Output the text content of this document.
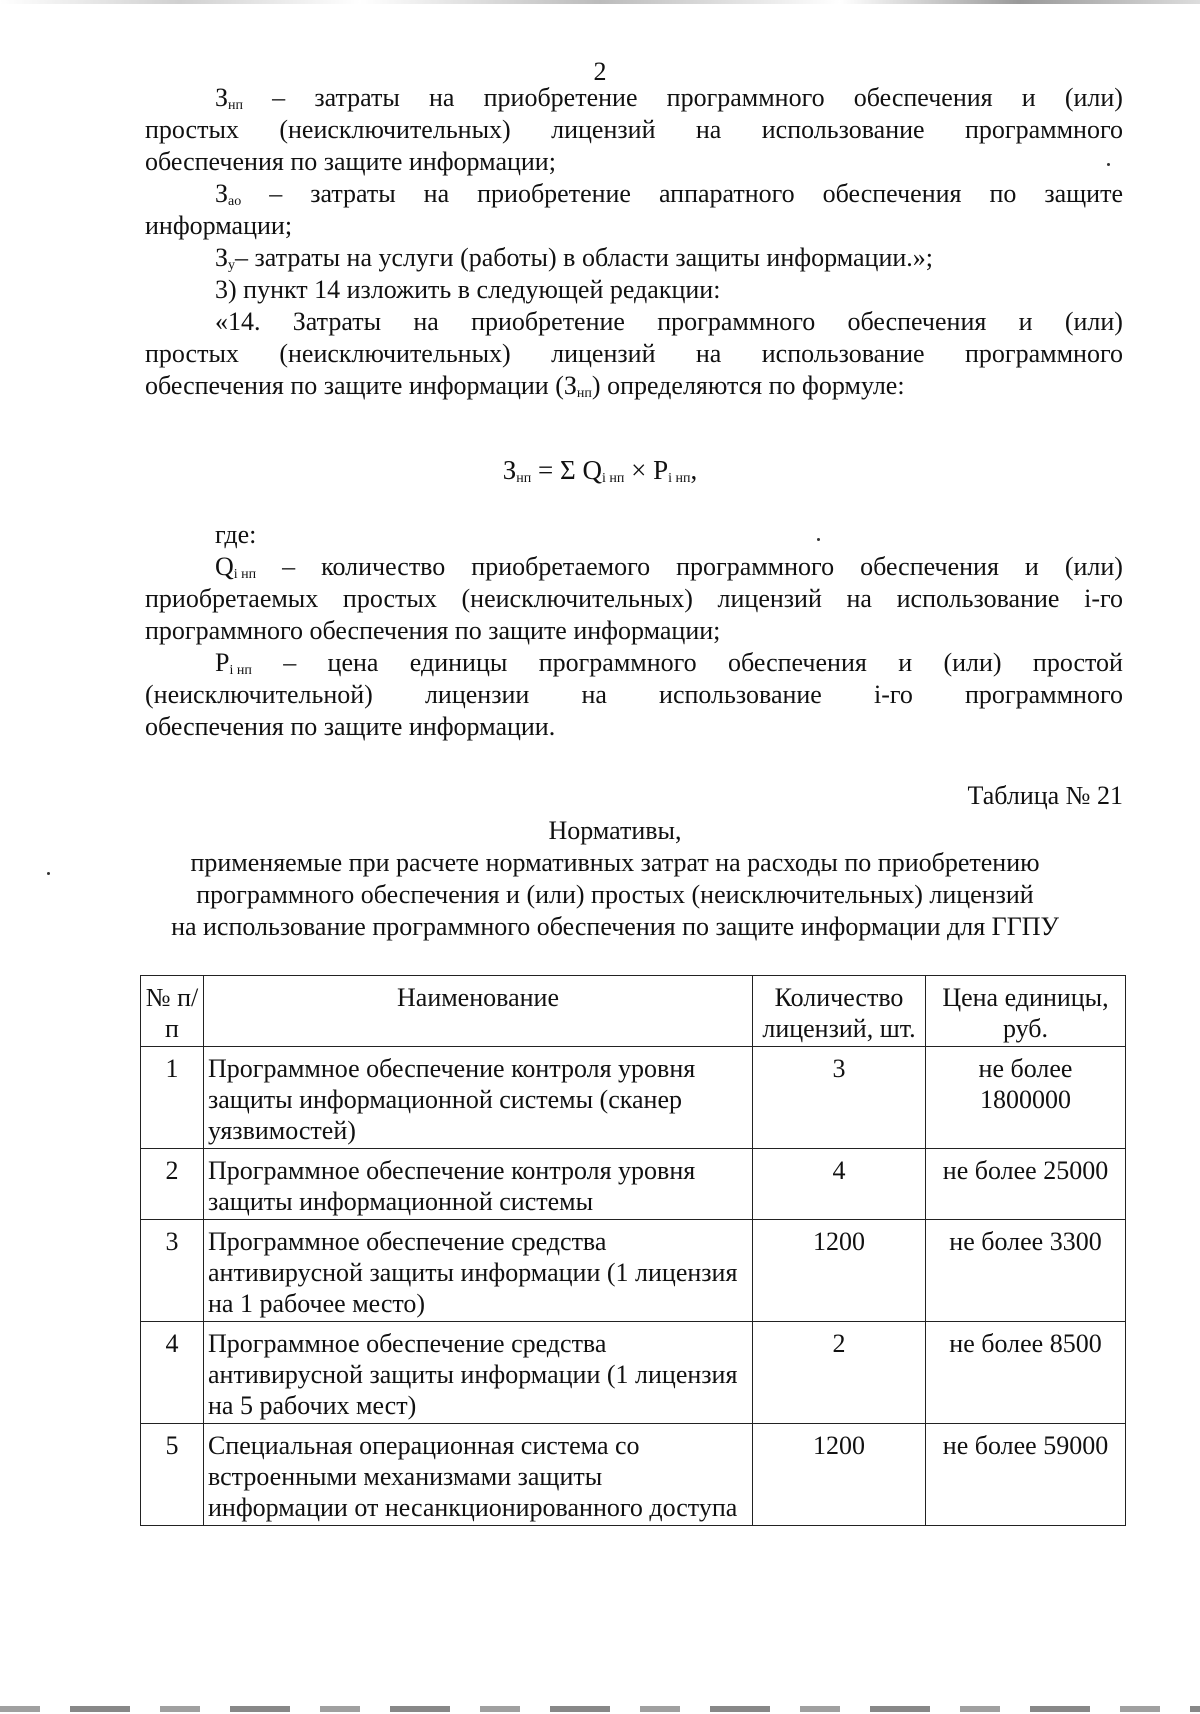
2
$З_{нп}$ – затраты на приобретение программного обеспечения и (или)
простых (неисключительных) лицензий на использование программного
обеспечения по защите информации;
$З_{ао}$ – затраты на приобретение аппаратного обеспечения по защите
информации;
$З_у-$ затраты на услуги (работы) в области защиты информации.»;
3) пункт 14 изложить в следующей редакции:
«14. Затраты на приобретение программного обеспечения и (или)
простых (неисключительных) лицензий на использование программного
обеспечения по защите информации $(З_{нп})$ определяются по формуле:
$З_{нп} = \Sigma$ $Q_{i нп} \times P_{i нп}$,
где:
$Q_{i нп}$ – количество приобретаемого программного обеспечения и (или)
приобретаемых простых (неисключительных) лицензий на использование i-го
программного обеспечения по защите информации;
$P_{i нп}$ – цена единицы программного обеспечения и (или) простой
(неисключительной) лицензии на использование i-го программного
обеспечения по защите информации.
Таблица № 21
Нормативы,
применяемые при расчете нормативных затрат на расходы по приобретению
программного обеспечения и (или) простых (неисключительных) лицензий
на использование программного обеспечения по защите информации для ГГПУ
№ п/п	Наименование	Количество лицензий, шт.	Цена единицы, руб.
1	Программное обеспечение контроля уровня защиты информационной системы (сканер уязвимостей)	3	не более 1800000
2	Программное обеспечение контроля уровня защиты информационной системы	4	не более 25000
3	Программное обеспечение средства антивирусной защиты информации (1 лицензия на 1 рабочее место)	1200	не более 3300
4	Программное обеспечение средства антивирусной защиты информации (1 лицензия на 5 рабочих мест)	2	не более 8500
5	Специальная операционная система со встроенными механизмами защиты информации от несанкционированного доступа	1200	не более 59000
